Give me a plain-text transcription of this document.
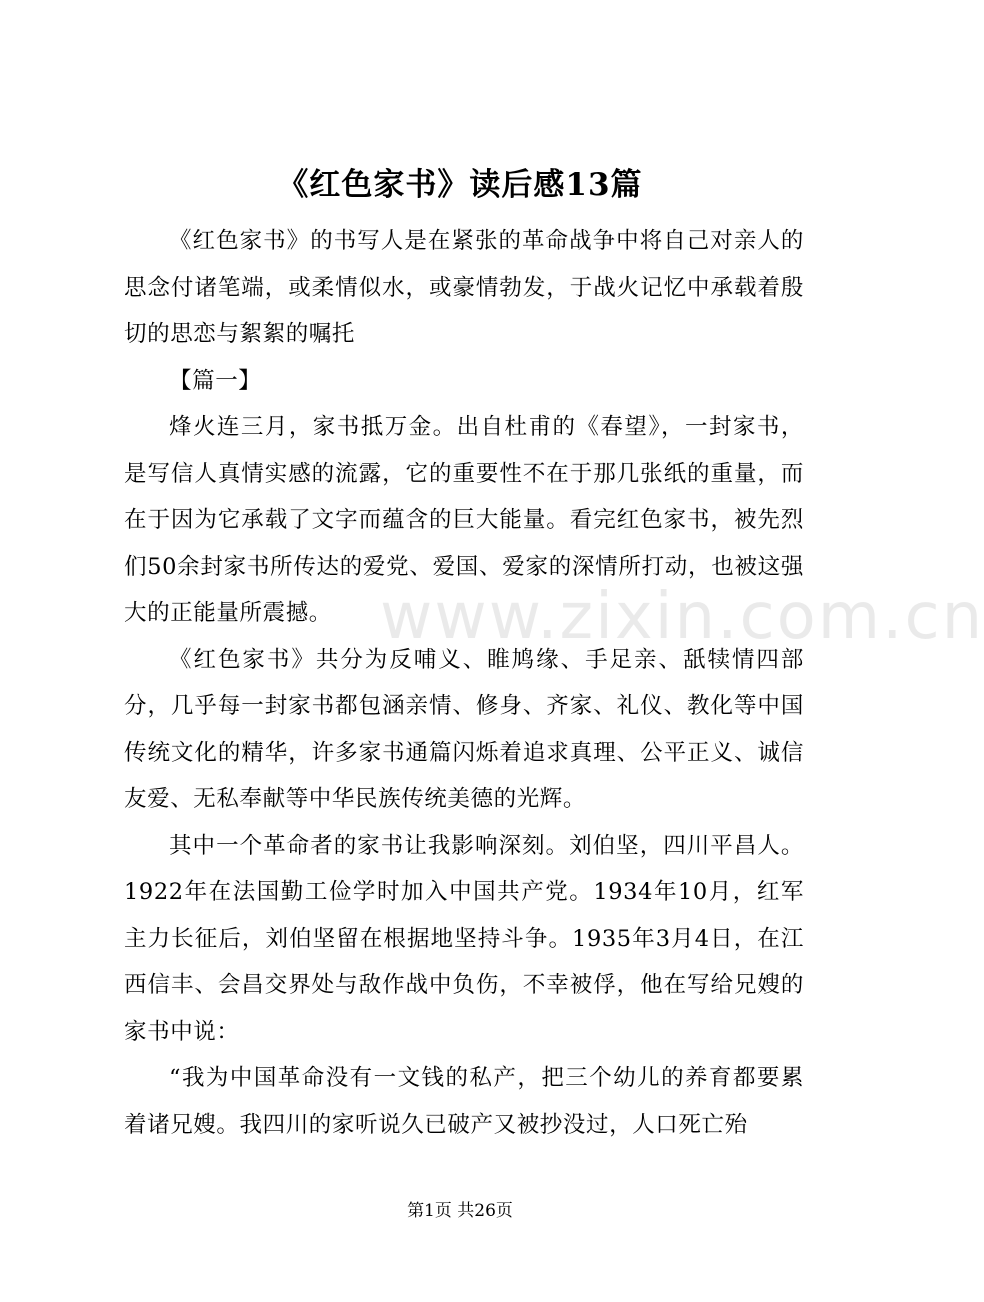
《红色家书》读后感13篇

《红色家书》的书写人是在紧张的革命战争中将自己对亲人的思念付诸笔端，或柔情似水，或豪情勃发，于战火记忆中承载着殷切的思恋与絮絮的嘱托

【篇一】

烽火连三月，家书抵万金。出自杜甫的《春望》，一封家书，是写信人真情实感的流露，它的重要性不在于那几张纸的重量，而在于因为它承载了文字而蕴含的巨大能量。看完红色家书，被先烈们50余封家书所传达的爱党、爱国、爱家的深情所打动，也被这强大的正能量所震撼。

《红色家书》共分为反哺义、睢鸠缘、手足亲、舐犊情四部分，几乎每一封家书都包涵亲情、修身、齐家、礼仪、教化等中国传统文化的精华，许多家书通篇闪烁着追求真理、公平正义、诚信友爱、无私奉献等中华民族传统美德的光辉。

其中一个革命者的家书让我影响深刻。刘伯坚，四川平昌人。1922年在法国勤工俭学时加入中国共产党。1934年10月，红军主力长征后，刘伯坚留在根据地坚持斗争。1935年3月4日，在江西信丰、会昌交界处与敌作战中负伤，不幸被俘，他在写给兄嫂的家书中说：

“我为中国革命没有一文钱的私产，把三个幼儿的养育都要累着诸兄嫂。我四川的家听说久已破产又被抄没过，人口死亡殆

www.zixin.com.cn
第1页 共26页
